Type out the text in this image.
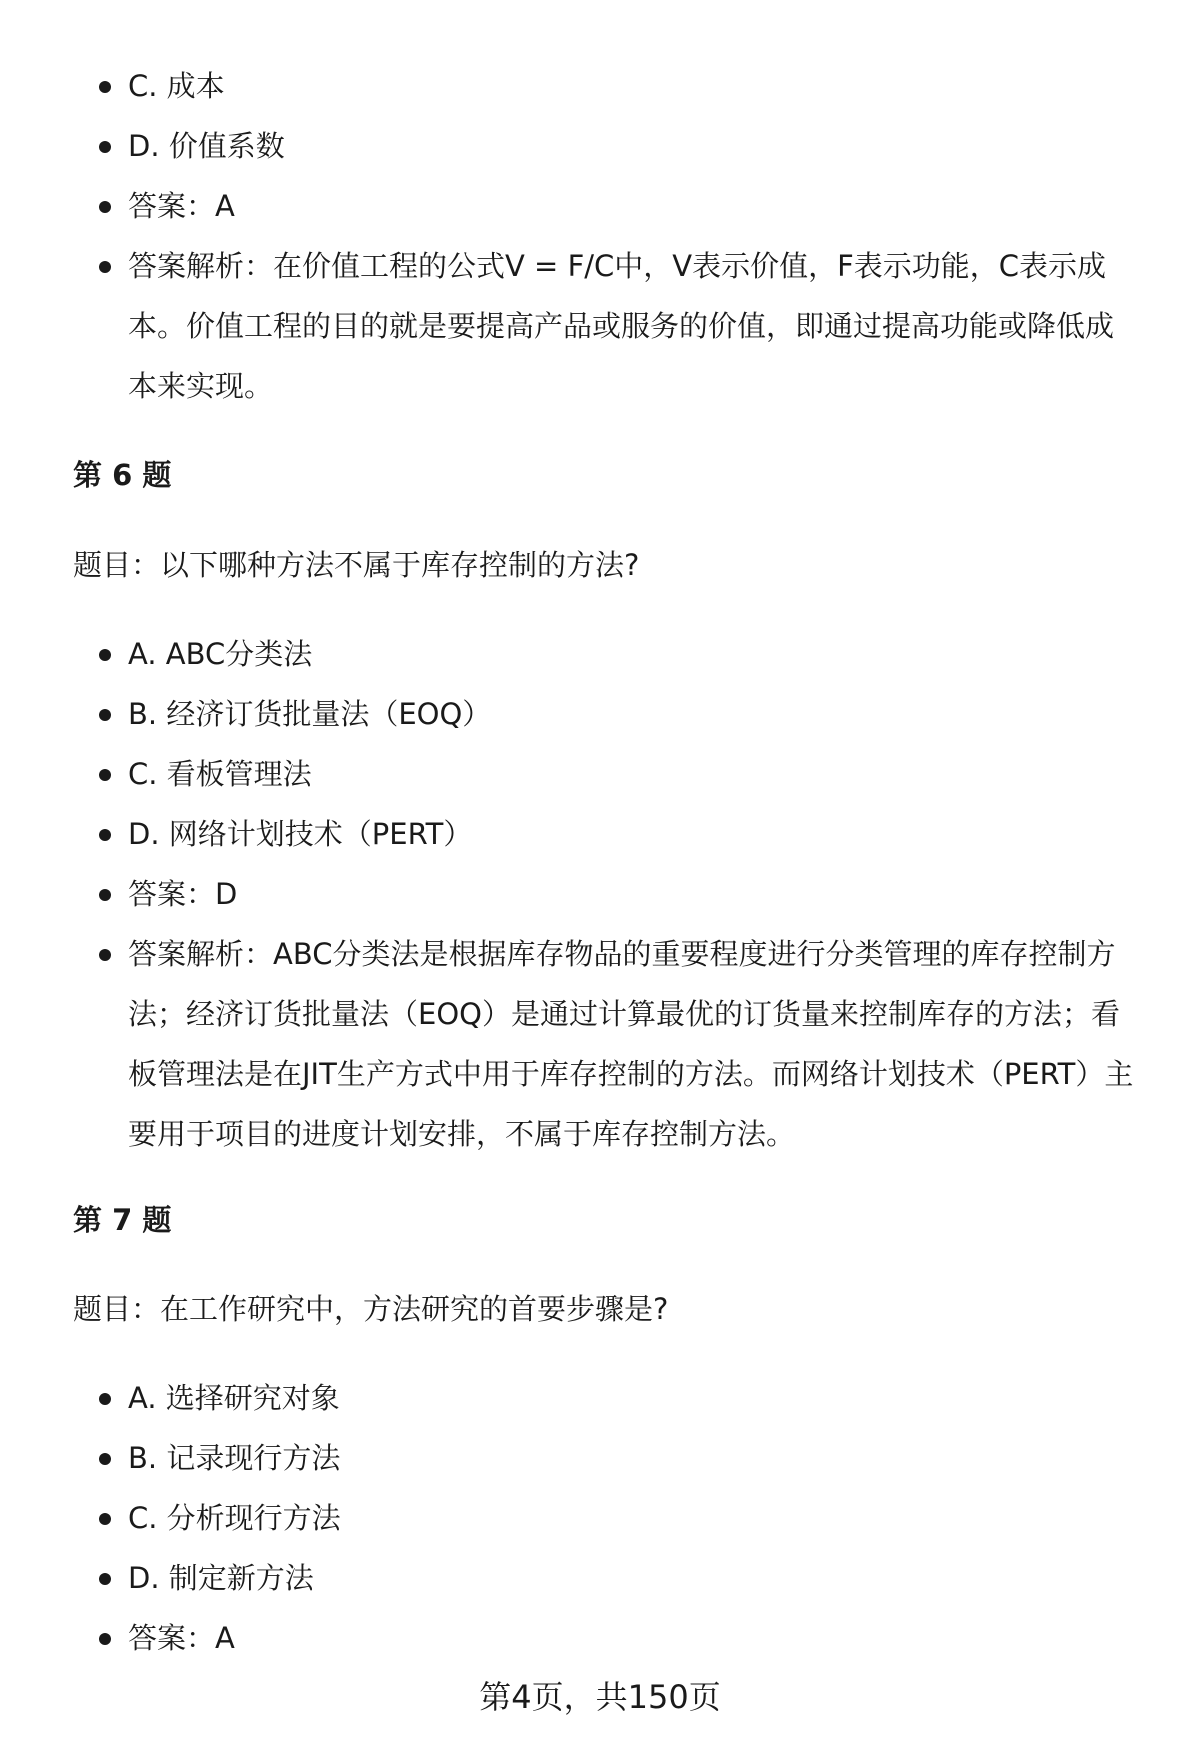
C. 成本
D. 价值系数
答案：A
答案解析：在价值工程的公式V = F/C中，V表示价值，F表示功能，C表示成本。价值工程的目的就是要提高产品或服务的价值，即通过提高功能或降低成本来实现。
第 6 题
题目：以下哪种方法不属于库存控制的方法?
A. ABC分类法
B. 经济订货批量法（EOQ）
C. 看板管理法
D. 网络计划技术（PERT）
答案：D
答案解析：ABC分类法是根据库存物品的重要程度进行分类管理的库存控制方法；经济订货批量法（EOQ）是通过计算最优的订货量来控制库存的方法；看板管理法是在JIT生产方式中用于库存控制的方法。而网络计划技术（PERT）主要用于项目的进度计划安排，不属于库存控制方法。
第 7 题
题目：在工作研究中，方法研究的首要步骤是?
A. 选择研究对象
B. 记录现行方法
C. 分析现行方法
D. 制定新方法
答案：A
第4页，共150页
